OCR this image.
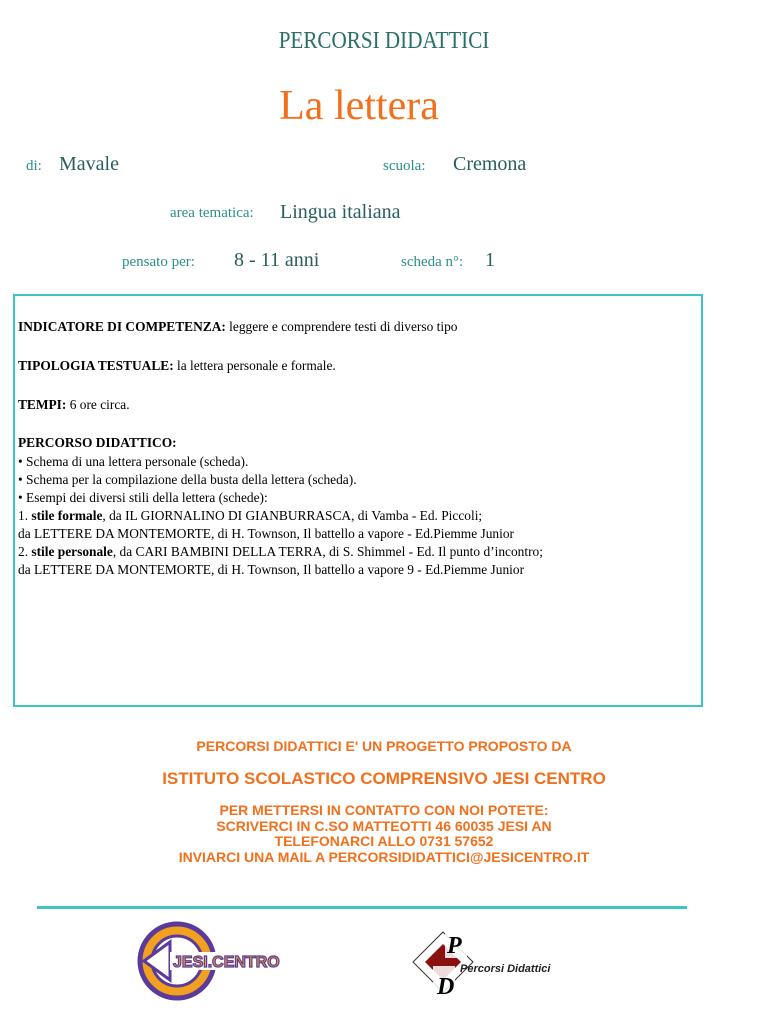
PERCORSI DIDATTICI
La lettera
di: Mavale	scuola: Cremona
area tematica: Lingua italiana
pensato per: 8 - 11 anni	scheda n°: 1
INDICATORE DI COMPETENZA: leggere e comprendere testi di diverso tipo
TIPOLOGIA TESTUALE: la lettera personale e formale.
TEMPI: 6 ore circa.
PERCORSO DIDATTICO:
• Schema di una lettera personale (scheda).
• Schema per la compilazione della busta della lettera (scheda).
• Esempi dei diversi stili della lettera (schede):
1. stile formale, da IL GIORNALINO DI GIANBURRASCA, di Vamba - Ed. Piccoli;
da LETTERE DA MONTEMORTE, di H. Townson, Il battello a vapore - Ed.Piemme Junior
2. stile personale, da CARI BAMBINI DELLA TERRA, di S. Shimmel - Ed. Il punto d’incontro;
da LETTERE DA MONTEMORTE, di H. Townson, Il battello a vapore 9 - Ed.Piemme Junior
PERCORSI DIDATTICI E' UN PROGETTO PROPOSTO DA
ISTITUTO SCOLASTICO COMPRENSIVO JESI CENTRO
PER METTERSI IN CONTATTO CON NOI POTETE:
SCRIVERCI IN C.SO MATTEOTTI 46 60035 JESI AN
TELEFONARCI ALLO 0731 57652
INVIARCI UNA MAIL A PERCORSIDIDATTICI@JESICENTRO.IT
JESI.CENTRO
P
D
Percorsi Didattici
